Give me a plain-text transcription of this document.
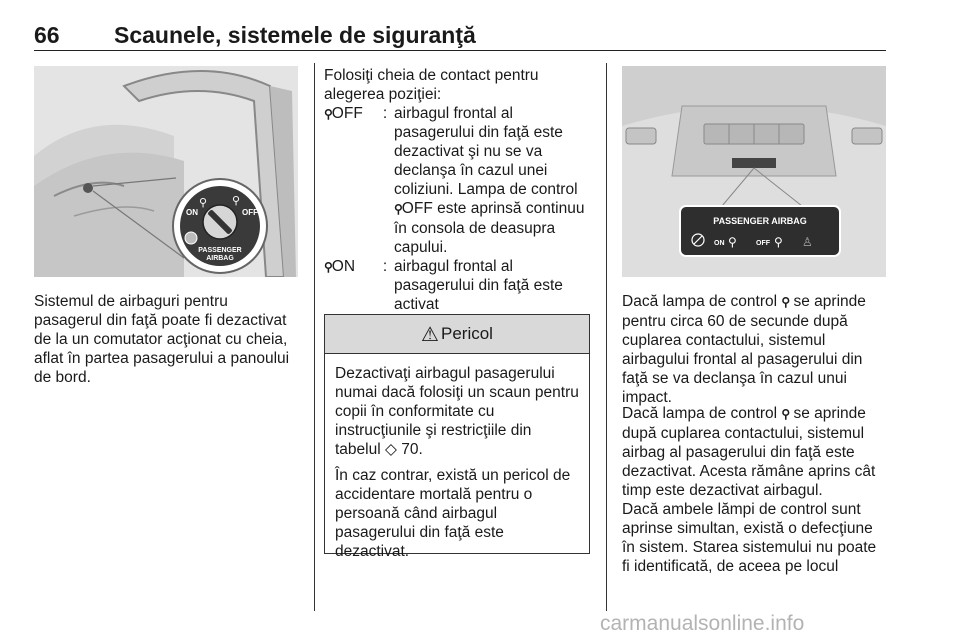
66 Scaunele, sistemele de siguranţă
ON	OFF
PASSENGER
AIRBAG
⚲ ⚲

Sistemul de airbaguri pentru pasagerul din faţă poate fi dezactivat de la un comutator acţionat cu cheia, aflat în partea pasagerului a panoului de bord.

Folosiţi cheia de contact pentru alegerea poziţiei:

⚲OFF	: airbagul frontal al pasagerului din faţă este dezactivat şi nu se va declanşa în cazul unei coliziuni. Lampa de control ⚲OFF este aprinsă continuu în consola de deasupra capului.
⚲ON	: airbagul frontal al pasagerului din faţă este activat
⚠ Pericol

Dezactivaţi airbagul pasagerului numai dacă folosiţi un scaun pentru copii în conformitate cu instrucţiunile şi restricţiile din tabelul ◇ 70.

În caz contrar, există un pericol de accidentare mortală pentru o persoană când airbagul pasagerului din faţă este dezactivat.

PASSENGER AIRBAG
ON ⚲	OFF ⚲ ♙

Dacă lampa de control ⚲ se aprinde pentru circa 60 de secunde după cuplarea contactului, sistemul airbagului frontal al pasagerului din faţă se va declanşa în cazul unui impact.

Dacă lampa de control ⚲ se aprinde după cuplarea contactului, sistemul airbag al pasagerului din faţă este dezactivat. Acesta rămâne aprins cât timp este dezactivat airbagul.

Dacă ambele lămpi de control sunt aprinse simultan, există o defecţiune în sistem. Starea sistemului nu poate fi identificată, de aceea pe locul

carmanualsonline.info
